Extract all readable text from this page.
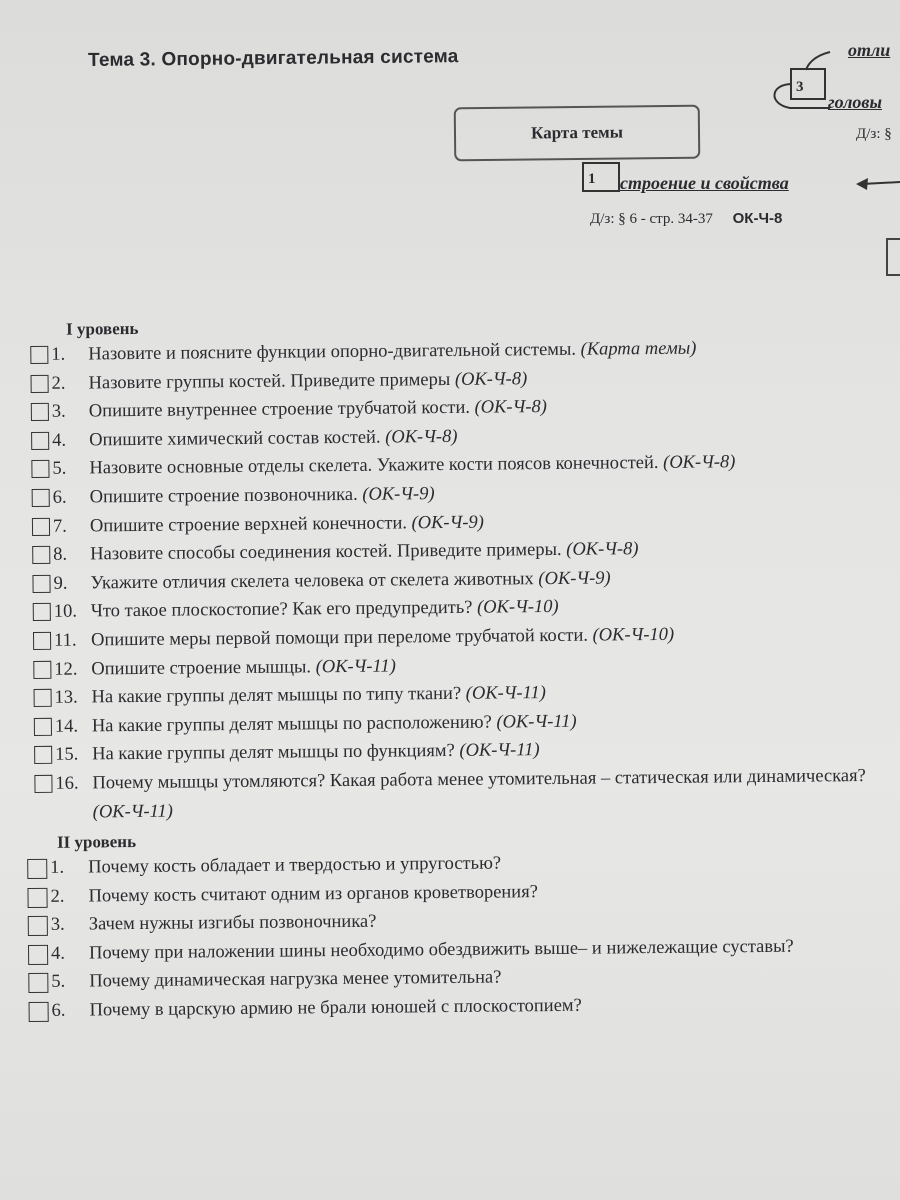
Тема 3. Опорно-двигательная система
Карта темы
3
отли
головы
Д/з: §
1 строение и свойства
Д/з: § 6 - стр. 34-37 ОК-Ч-8
I уровень
1.	Назовите и поясните функции опорно-двигательной системы. (Карта темы)
2.	Назовите группы костей. Приведите примеры (ОК-Ч-8)
3.	Опишите внутреннее строение трубчатой кости. (ОК-Ч-8)
4.	Опишите химический состав костей. (ОК-Ч-8)
5.	Назовите основные отделы скелета. Укажите кости поясов конечностей. (ОК-Ч-8)
6.	Опишите строение позвоночника. (ОК-Ч-9)
7.	Опишите строение верхней конечности. (ОК-Ч-9)
8.	Назовите способы соединения костей. Приведите примеры. (ОК-Ч-8)
9.	Укажите отличия скелета человека от скелета животных (ОК-Ч-9)
10. Что такое плоскостопие? Как его предупредить? (ОК-Ч-10)
11. Опишите меры первой помощи при переломе трубчатой кости. (ОК-Ч-10)
12. Опишите строение мышцы. (ОК-Ч-11)
13. На какие группы делят мышцы по типу ткани? (ОК-Ч-11)
14. На какие группы делят мышцы по расположению? (ОК-Ч-11)
15. На какие группы делят мышцы по функциям? (ОК-Ч-11)
16. Почему мышцы утомляются? Какая работа менее утомительная – статическая или динамическая? (ОК-Ч-11)
II уровень
1.	Почему кость обладает и твердостью и упругостью?
2.	Почему кость считают одним из органов кроветворения?
3.	Зачем нужны изгибы позвоночника?
4.	Почему при наложении шины необходимо обездвижить выше– и нижележащие суставы?
5.	Почему динамическая нагрузка менее утомительна?
6.	Почему в царскую армию не брали юношей с плоскостопием?
